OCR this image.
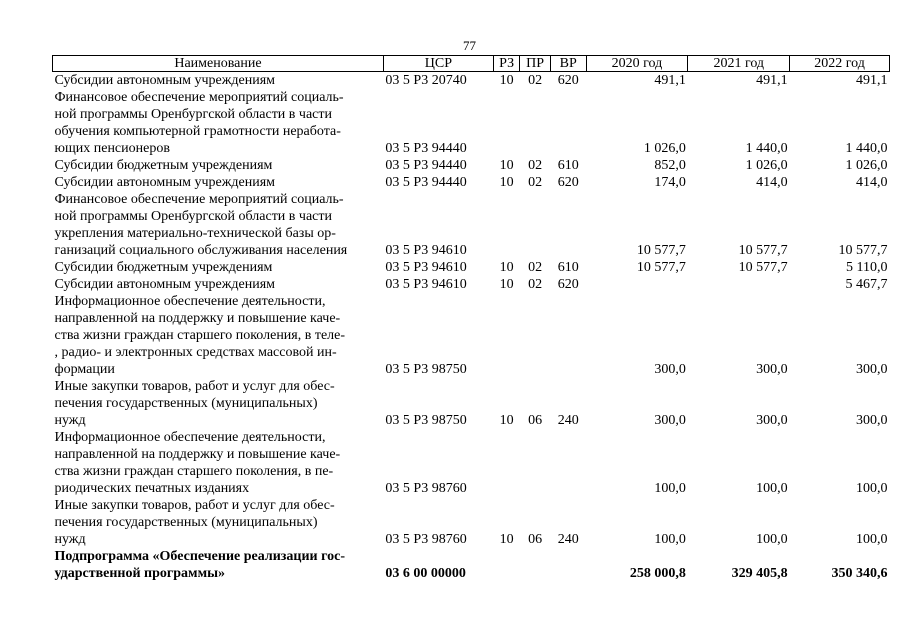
77
Наименование	ЦСР	РЗ	ПР	ВР	2020 год	2021 год	2022 год
Субсидии автономным учреждениям	03 5 Р3 20740	10	02	620	491,1	491,1	491,1
Финансовое обеспечение мероприятий социаль-
ной программы Оренбургской области в части
обучения компьютерной грамотности неработа-
ющих пенсионеров	03 5 Р3 94440				1 026,0	1 440,0	1 440,0
Субсидии бюджетным учреждениям	03 5 Р3 94440	10	02	610	852,0	1 026,0	1 026,0
Субсидии автономным учреждениям	03 5 Р3 94440	10	02	620	174,0	414,0	414,0
Финансовое обеспечение мероприятий социаль-
ной программы Оренбургской области в части
укрепления материально-технической базы ор-
ганизаций социального обслуживания населения	03 5 Р3 94610				10 577,7	10 577,7	10 577,7
Субсидии бюджетным учреждениям	03 5 Р3 94610	10	02	610	10 577,7	10 577,7	5 110,0
Субсидии автономным учреждениям	03 5 Р3 94610	10	02	620			5 467,7
Информационное обеспечение деятельности,
направленной на поддержку и повышение каче-
ства жизни граждан старшего поколения, в теле-
, радио- и электронных средствах массовой ин-
формации	03 5 Р3 98750				300,0	300,0	300,0
Иные закупки товаров, работ и услуг для обес-
печения государственных (муниципальных)
нужд	03 5 Р3 98750	10	06	240	300,0	300,0	300,0
Информационное обеспечение деятельности,
направленной на поддержку и повышение каче-
ства жизни граждан старшего поколения, в пе-
риодических печатных изданиях	03 5 Р3 98760				100,0	100,0	100,0
Иные закупки товаров, работ и услуг для обес-
печения государственных (муниципальных)
нужд	03 5 Р3 98760	10	06	240	100,0	100,0	100,0
Подпрограмма «Обеспечение реализации гос-
ударственной программы»	03 6 00 00000				258 000,8	329 405,8	350 340,6
